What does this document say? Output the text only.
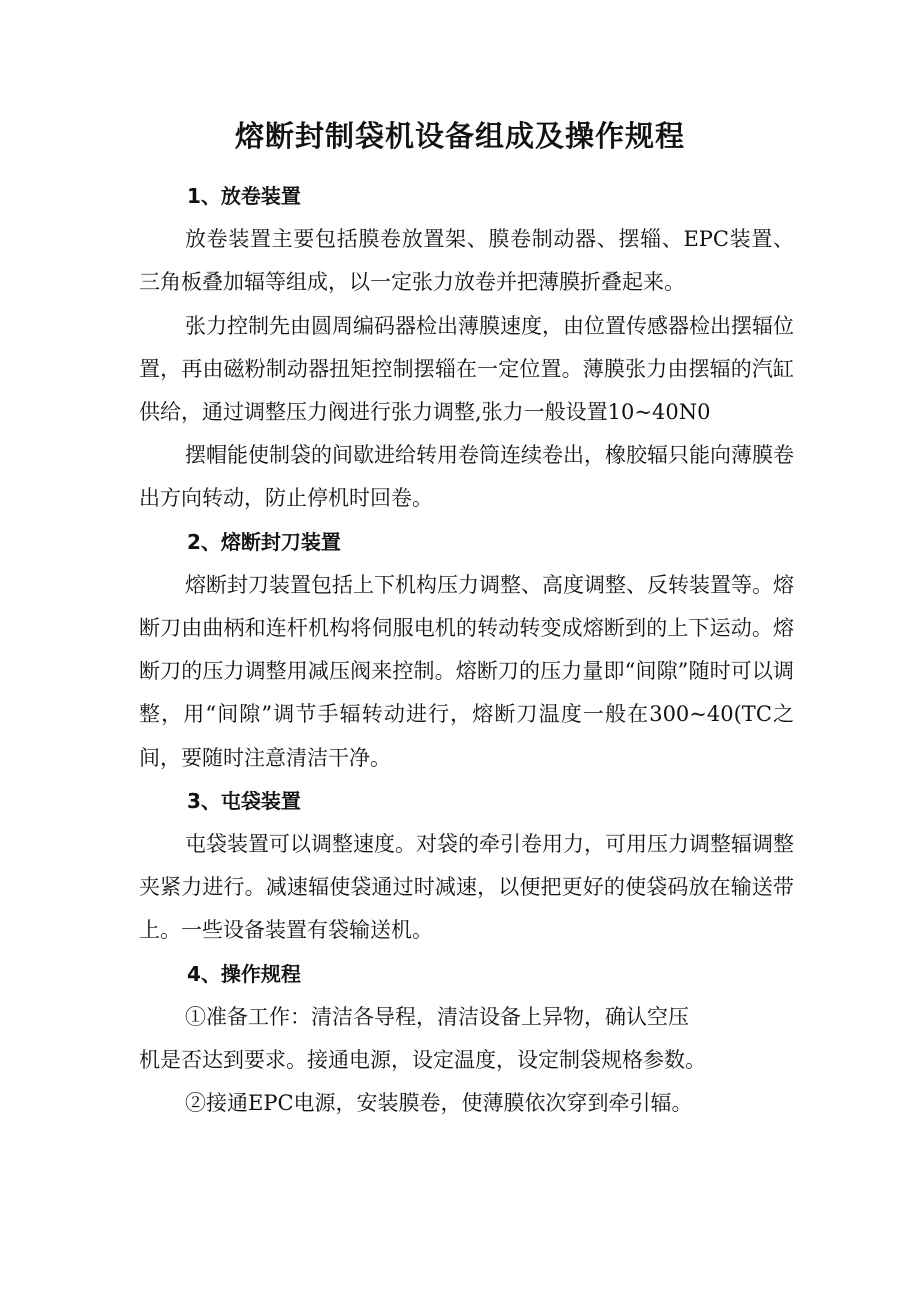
熔断封制袋机设备组成及操作规程

1、放卷装置

放卷装置主要包括膜卷放置架、膜卷制动器、摆辎、EPC装置、三角板叠加辐等组成，以一定张力放卷并把薄膜折叠起来。

张力控制先由圆周编码器检出薄膜速度，由位置传感器检出摆辐位置，再由磁粉制动器扭矩控制摆辎在一定位置。薄膜张力由摆辐的汽缸供给，通过调整压力阀进行张力调整,张力一般设置10~40N0

摆帽能使制袋的间歇进给转用卷筒连续卷出，橡胶辐只能向薄膜卷出方向转动，防止停机时回卷。

2、熔断封刀装置

熔断封刀装置包括上下机构压力调整、高度调整、反转装置等。熔断刀由曲柄和连杆机构将伺服电机的转动转变成熔断到的上下运动。熔断刀的压力调整用减压阀来控制。熔断刀的压力量即“间隙”随时可以调整，用“间隙”调节手辐转动进行，熔断刀温度一般在300~40(TC之间，要随时注意清洁干净。

3、屯袋装置

屯袋装置可以调整速度。对袋的牵引卷用力，可用压力调整辐调整夹紧力进行。减速辐使袋通过时减速，以便把更好的使袋码放在输送带上。一些设备装置有袋输送机。

4、操作规程

①准备工作：清洁各导程，清洁设备上异物，确认空压
机是否达到要求。接通电源，设定温度，设定制袋规格参数。

②接通EPC电源，安装膜卷，使薄膜依次穿到牵引辐。
